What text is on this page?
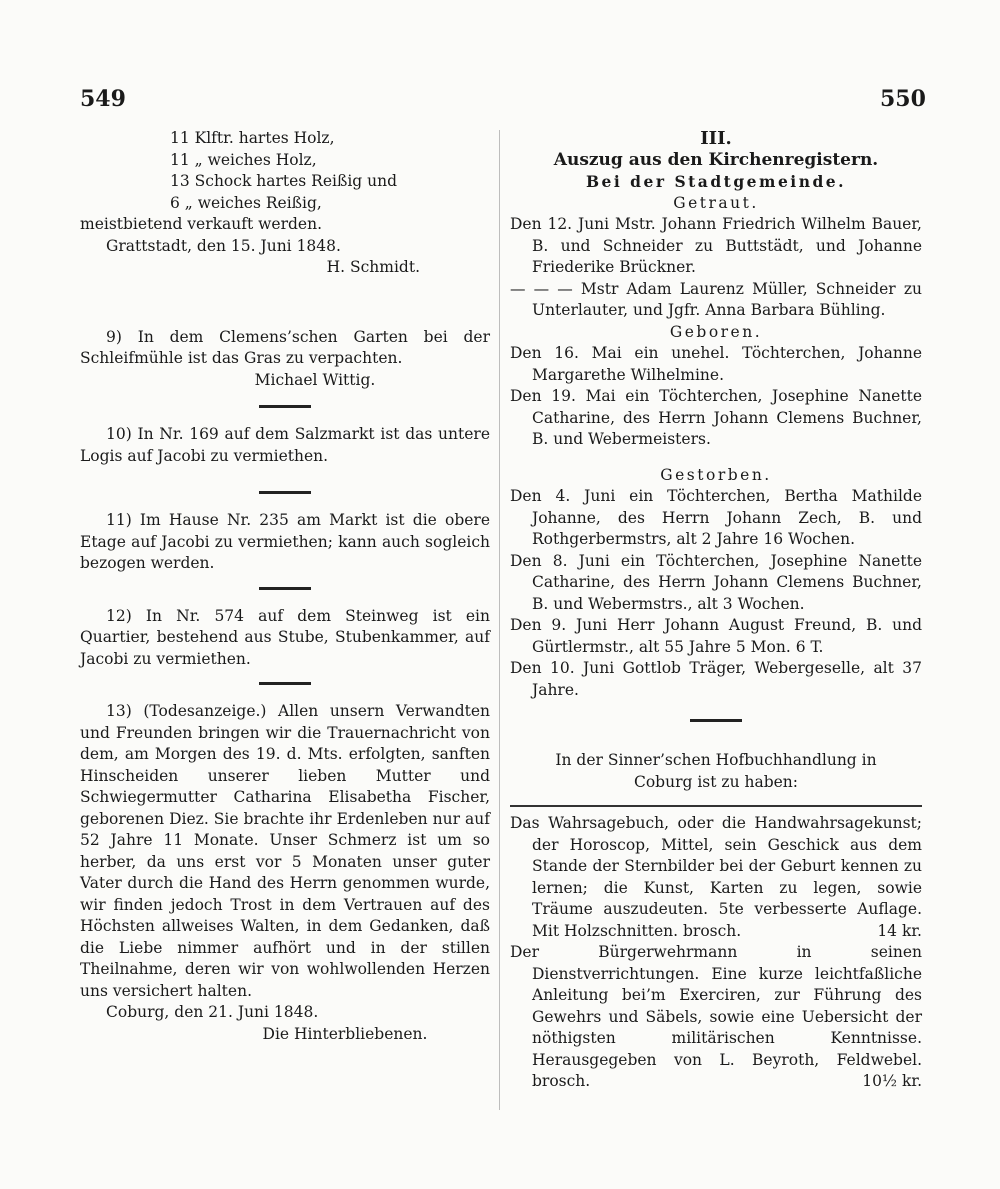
549	550
11 Klftr. hartes Holz,
11 „ weiches Holz,
13 Schock hartes Reißig und
6 „ weiches Reißig,

meistbietend verkauft werden.

Grattstadt, den 15. Juni 1848.

H. Schmidt.

9) In dem Clemens’schen Garten bei der Schleifmühle ist das Gras zu verpachten.

Michael Wittig.

10) In Nr. 169 auf dem Salzmarkt ist das untere Logis auf Jacobi zu vermiethen.

11) Im Hause Nr. 235 am Markt ist die obere Etage auf Jacobi zu vermiethen; kann auch sogleich bezogen werden.

12) In Nr. 574 auf dem Steinweg ist ein Quartier, bestehend aus Stube, Stubenkammer, auf Jacobi zu vermiethen.

13) (Todesanzeige.) Allen unsern Verwandten und Freunden bringen wir die Trauernachricht von dem, am Morgen des 19. d. Mts. erfolgten, sanften Hinscheiden unserer lieben Mutter und Schwiegermutter Catharina Elisabetha Fischer, geborenen Diez. Sie brachte ihr Erdenleben nur auf 52 Jahre 11 Monate. Unser Schmerz ist um so herber, da uns erst vor 5 Monaten unser guter Vater durch die Hand des Herrn genommen wurde, wir finden jedoch Trost in dem Vertrauen auf des Höchsten allweises Walten, in dem Gedanken, daß die Liebe nimmer aufhört und in der stillen Theilnahme, deren wir von wohlwollenden Herzen uns versichert halten.

Coburg, den 21. Juni 1848.

Die Hinterbliebenen.

III.

Auszug aus den Kirchenregistern.

Bei der Stadtgemeinde.

Getraut.

Den 12. Juni Mstr. Johann Friedrich Wilhelm Bauer, B. und Schneider zu Buttstädt, und Johanne Friederike Brückner.

— — — Mstr Adam Laurenz Müller, Schneider zu Unterlauter, und Jgfr. Anna Barbara Bühling.

Geboren.

Den 16. Mai ein unehel. Töchterchen, Johanne Margarethe Wilhelmine.

Den 19. Mai ein Töchterchen, Josephine Nanette Catharine, des Herrn Johann Clemens Buchner, B. und Webermeisters.

Gestorben.

Den 4. Juni ein Töchterchen, Bertha Mathilde Johanne, des Herrn Johann Zech, B. und Rothgerbermstrs, alt 2 Jahre 16 Wochen.

Den 8. Juni ein Töchterchen, Josephine Nanette Catharine, des Herrn Johann Clemens Buchner, B. und Webermstrs., alt 3 Wochen.

Den 9. Juni Herr Johann August Freund, B. und Gürtlermstr., alt 55 Jahre 5 Mon. 6 T.

Den 10. Juni Gottlob Träger, Webergeselle, alt 37 Jahre.

In der Sinner’schen Hofbuchhandlung in Coburg ist zu haben:

Das Wahrsagebuch, oder die Handwahrsagekunst; der Horoscop, Mittel, sein Geschick aus dem Stande der Sternbilder bei der Geburt kennen zu lernen; die Kunst, Karten zu legen, sowie Träume auszudeuten. 5te verbesserte Auflage. Mit Holzschnitten. brosch.	14 kr.

Der Bürgerwehrmann in seinen Dienstverrichtungen. Eine kurze leichtfaßliche Anleitung bei’m Exerciren, zur Führung des Gewehrs und Säbels, sowie eine Uebersicht der nöthigsten militärischen Kenntnisse. Herausgegeben von L. Beyroth, Feldwebel. brosch.	10½ kr.
